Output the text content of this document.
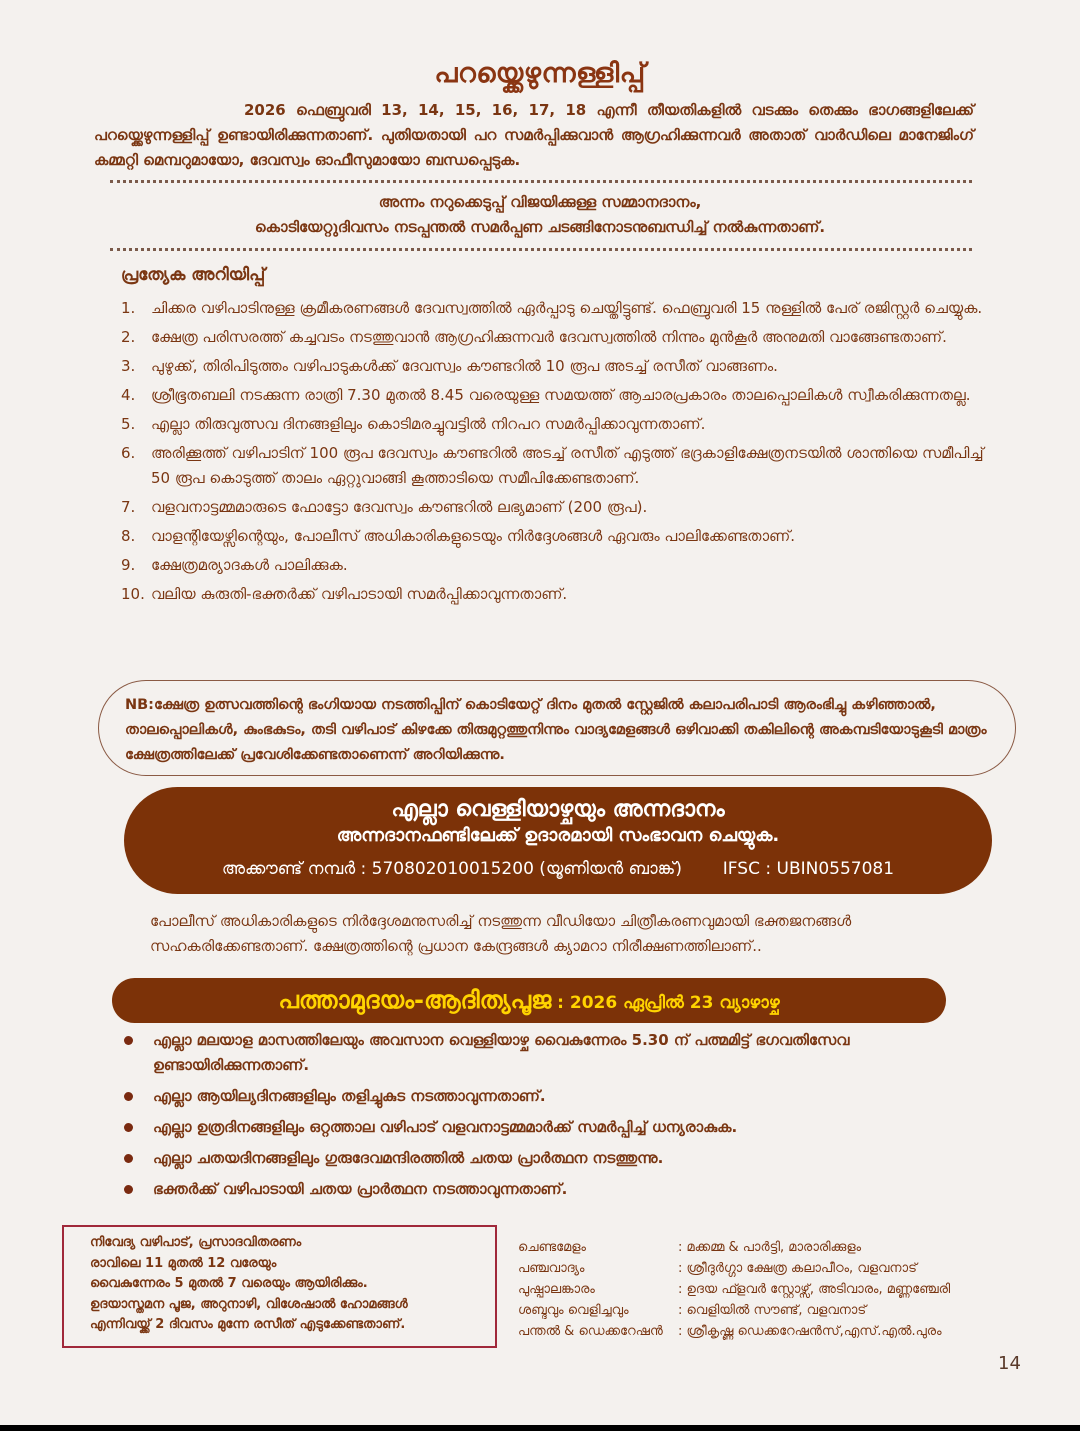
പറയ്ക്കെഴുന്നള്ളിപ്പ്
2026 ഫെബ്രുവരി 13, 14, 15, 16, 17, 18 എന്നീ തീയതികളിൽ വടക്കും തെക്കും ഭാഗങ്ങളിലേക്ക് പറയ്ക്കെഴുന്നള്ളിപ്പ് ഉണ്ടായിരിക്കുന്നതാണ്. പുതിയതായി പറ സമർപ്പിക്കുവാൻ ആഗ്രഹിക്കുന്നവർ അതാത് വാർഡിലെ മാനേജിംഗ് കമ്മറ്റി മെമ്പറുമായോ, ദേവസ്വം ഓഫീസുമായോ ബന്ധപ്പെടുക.
അന്നം നറുക്കെടുപ്പ് വിജയിക്കുള്ള സമ്മാനദാനം,
കൊടിയേറ്റുദിവസം നടപ്പന്തൽ സമർപ്പണ ചടങ്ങിനോടനുബന്ധിച്ച് നൽകുന്നതാണ്.
പ്രത്യേക അറിയിപ്പ്
1.	ചിക്കര വഴിപാടിനുള്ള ക്രമീകരണങ്ങൾ ദേവസ്വത്തിൽ ഏർപ്പാടു ചെയ്തിട്ടുണ്ട്. ഫെബ്രുവരി 15 നുള്ളിൽ പേര് രജിസ്റ്റർ ചെയ്യുക.
2.	ക്ഷേത്ര പരിസരത്ത് കച്ചവടം നടത്തുവാൻ ആഗ്രഹിക്കുന്നവർ ദേവസ്വത്തിൽ നിന്നും മുൻകൂർ അനുമതി വാങ്ങേണ്ടതാണ്.
3.	പുഴുക്ക്, തിരിപിടുത്തം വഴിപാടുകൾക്ക് ദേവസ്വം കൗണ്ടറിൽ 10 രൂപ അടച്ച് രസീത് വാങ്ങണം.
4.	ശ്രീഭൂതബലി നടക്കുന്ന രാത്രി 7.30 മുതൽ 8.45 വരെയുള്ള സമയത്ത് ആചാരപ്രകാരം താലപ്പൊലികൾ സ്വീകരിക്കുന്നതല്ല.
5.	എല്ലാ തിരുവുത്സവ ദിനങ്ങളിലും കൊടിമരച്ചുവട്ടിൽ നിറപറ സമർപ്പിക്കാവുന്നതാണ്.
6.	അരിക്കൂത്ത് വഴിപാടിന് 100 രൂപ ദേവസ്വം കൗണ്ടറിൽ അടച്ച് രസീത് എടുത്ത് ഭദ്രകാളിക്ഷേത്രനടയിൽ ശാന്തിയെ സമീപിച്ച് 50 രൂപ കൊടുത്ത് താലം ഏറ്റുവാങ്ങി കൂത്താടിയെ സമീപിക്കേണ്ടതാണ്.
7.	വളവനാട്ടമ്മമാരുടെ ഫോട്ടോ ദേവസ്വം കൗണ്ടറിൽ ലഭ്യമാണ് (200 രൂപ).
8.	വാളന്റിയേഴ്സിന്റെയും, പോലീസ് അധികാരികളുടെയും നിർദ്ദേശങ്ങൾ ഏവരും പാലിക്കേണ്ടതാണ്.
9.	ക്ഷേത്രമര്യാദകൾ പാലിക്കുക.
10. വലിയ കുരുതി-ഭക്തർക്ക് വഴിപാടായി സമർപ്പിക്കാവുന്നതാണ്.
NB:ക്ഷേത്ര ഉത്സവത്തിന്റെ ഭംഗിയായ നടത്തിപ്പിന് കൊടിയേറ്റ് ദിനം മുതൽ സ്റ്റേജിൽ കലാപരിപാടി ആരംഭിച്ചു കഴിഞ്ഞാൽ, താലപ്പൊലികൾ, കുംഭകുടം, തടി വഴിപാട് കിഴക്കേ തിരുമുറ്റത്തുനിന്നും വാദ്യമേളങ്ങൾ ഒഴിവാക്കി തകിലിന്റെ അകമ്പടിയോടുകൂടി മാത്രം ക്ഷേത്രത്തിലേക്ക് പ്രവേശിക്കേണ്ടതാണെന്ന് അറിയിക്കുന്നു.
എല്ലാ വെള്ളിയാഴ്ചയും അന്നദാനം
അന്നദാനഫണ്ടിലേക്ക് ഉദാരമായി സംഭാവന ചെയ്യുക.
അക്കൗണ്ട് നമ്പർ : 57080201001520​0 (യൂണിയൻ ബാങ്ക്) IFSC : UBIN0557081
പോലീസ് അധികാരികളുടെ നിർദ്ദേശമനുസരിച്ച് നടത്തുന്ന വീഡിയോ ചിത്രീകരണവുമായി ഭക്തജനങ്ങൾ സഹകരിക്കേണ്ടതാണ്. ക്ഷേത്രത്തിന്റെ പ്രധാന കേന്ദ്രങ്ങൾ ക്യാമറാ നിരീക്ഷണത്തിലാണ്..
പത്താമുദയം-ആദിത്യപൂജ : 2026 ഏപ്രിൽ 23 വ്യാഴാഴ്ച
എല്ലാ മലയാള മാസത്തിലേയും അവസാന വെള്ളിയാഴ്ച വൈകുന്നേരം 5.30 ന് പത്മമിട്ട് ഭഗവതിസേവ ഉണ്ടായിരിക്കുന്നതാണ്.
എല്ലാ ആയില്യദിനങ്ങളിലും തളിച്ചുകുട നടത്താവുന്നതാണ്.
എല്ലാ ഉത്രദിനങ്ങളിലും ഒറ്റത്താല വഴിപാട് വളവനാട്ടമ്മമാർക്ക് സമർപ്പിച്ച് ധന്യരാകുക.
എല്ലാ ചതയദിനങ്ങളിലും ഗുരുദേവമന്ദിരത്തിൽ ചതയ പ്രാർത്ഥന നടത്തുന്നു.
ഭക്തർക്ക് വഴിപാടായി ചതയ പ്രാർത്ഥന നടത്താവുന്നതാണ്.
നിവേദ്യ വഴിപാട്, പ്രസാദവിതരണം
രാവിലെ 11 മുതൽ 12 വരേയും
വൈകുന്നേരം 5 മുതൽ 7 വരെയും ആയിരിക്കും.
ഉദയാസ്തമന പൂജ, അറുനാഴി, വിശേഷാൽ ഹോമങ്ങൾ
എന്നിവയ്ക്ക് 2 ദിവസം മുന്നേ രസീത് എടുക്കേണ്ടതാണ്.
ചെണ്ടമേളം	: മക്കമ്മ & പാർട്ടി, മാരാരിക്കുളം
പഞ്ചവാദ്യം	: ശ്രീദുർഗ്ഗാ ക്ഷേത്ര കലാപീഠം, വളവനാട്
പുഷ്പാലങ്കാരം	: ഉദയ ഫ്ളവർ സ്റ്റോഴ്സ്, അടിവാരം, മണ്ണഞ്ചേരി
ശബ്ദവും വെളിച്ചവും	: വെളിയിൽ സൗണ്ട്, വളവനാട്
പന്തൽ & ഡെക്കറേഷൻ	: ശ്രീകൃഷ്ണ ഡെക്കറേഷൻസ്,എസ്.എൽ.പുരം
14
